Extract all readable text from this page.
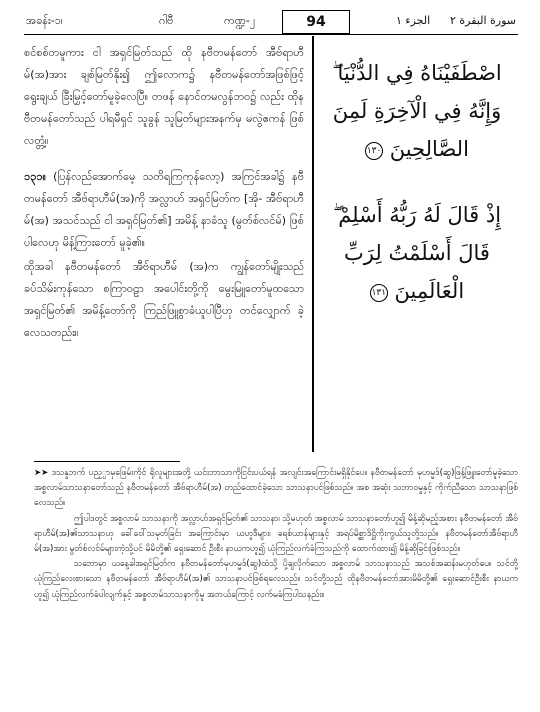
အခန်း-၁၊	ဂါဗီ	ကဏ္ဍ-၂	94	الجزء ۱ سورة البقرة ۲

စင်စစ်တမူကား ငါ အရှင်မြတ်သည် ထို နဗီတမန်တော် အီဗ်ရာဟီမ်(အ)အား ချစ်မြတ်နိုး၍ ဤလောက၌ နဗီတမန်တော်အဖြစ်ဖြင့် ရွေးချယ် ခြီးမြှင့်တော်မူခဲ့လေပြီ။ တဖန် နောင်တမလွန်ဘဝ၌ လည်း ထိုနဗီတမန်တော်သည် ပါရမီရှင် သူခွန် သူမြတ်များအနက်မှ မလွဲဧကန် ဖြစ်လတ္တံ့။

၁၃၁။ (ပြန်လည်အောက်မေ့ သတိရကြကုန်လော့) အကြင်အခါ၌ နဗီတမန်တော် အီဗ်ရာဟီမ်(အ)ကို အလ္လာဟ် အရှင်မြတ်က [အို- အီဗ်ရာဟီမ်(အ) အသင်သည် ငါ အရှင်မြတ်၏] အမိန့် နာခံသူ (မွတ်စ်လင်မ်) ဖြစ်ပါလေဟု မိန့်ကြားတော် မူခဲ့၏။

ထိုအခါ နဗီတမန်တော် အီဗ်ရာဟီမ် (အ)က ကျွန်တော်မျိုးသည် ခပ်သိမ်းကုန်သော စကြာဝဠာ အပေါင်းတို့ကို မွေးမြူတော်မူထသော အရှင်မြတ်၏ အမိန့်တော်ကို ကြည်ဖြူစွာခံယူပါပြီဟု တင်လျှောက် ခဲ့လေသတည်း။

اصْطَفَيْنَاهُ فِي الدُّنْيَا ۖ وَإِنَّهُ فِي الْآخِرَةِ لَمِنَ الصَّالِحِينَ ١٣٠
إِذْ قَالَ لَهُ رَبُّهُ أَسْلِمْ ۖ قَالَ أَسْلَمْتُ لِرَبِّ الْعَالَمِينَ ١٣١

➤➤ ဒသနှုဘက် ပည့္ပာမှဖြေမ်းကိုင် ရိုလူများအတို့ ယင်းဘာသာကိုငြင်းပယ်ရန် အလျင်းအကြောင်းမရှိနိုင်ပေ။ နဗီတမန်တော် မုဟမ္မဒ်(ဆွ)ဖြန့်ဖြူးတော်မူခဲ့သော အစ္စလာမ်သာသနာတော်သည် နဗီတမန်တော် အီဗ်ရာဟီမ်(အ) တည်ထောင်ခဲ့သော သာသနာပင်ဖြစ်သည်။ အစ အဆုံး သဘာဝမှုနှင့် ကိုက်ညီသော သာသနာဖြစ်လေသည်။

ဤပါဒတွင် အစ္စလာမ် သာသနာကို အလ္လာဟ်အရှင်မြတ်၏ သာသနာ၊ သို့မဟုတ် အစ္စလာမ် သာသနာတော်ဟူ၍ မိန့်ဆိုမည့်အစား နဗီတမန်တော် အီဗ်ရာဟီမ်(အ)၏သာသနာဟု ခေါ်ဝေါ်သမုတ်ခြင်း အကြောင်းမှာ ယဟူဒီများ၊ ခရစ်ယာန်များနှင့် အရပ်မိစ္ဆာဒိဋ္ဌိကိုးကွယ်သူတို့သည်။ နဗီတမန်တော်အီဗ်ရာဟီမ်(အ)အား မွတ်စ်လင်မ်များကဲ့သို့ပင် မိမိတို့၏ ရှေးဆောင် ဦးစီး နာယကဟူ၍ ယုံကြည်လက်ခံကြသည်ကို ထောက်ထား၍ မိန့်ဆိုခြင်းဖြစ်သည်။

သဘောမှာ ယနေ့ခါအရှင်မြတ်က နဗီတမန်တော်မုဟမ္မဒ်(ဆွ)ထံသို့ ပို့ချလိုက်သော အစ္စလာမ် သာသနာသည် အသစ်အဆန်းမဟုတ်ပေ။ သင်တို့ယုံကြည်လေးစားသော နဗီတမန်တော် အီဗ်ရာဟီမ်(အ)၏ သာသနာပင်ဖြစ်ရလေသည်။ သင်တို့သည် ထိုနဗီတမန်တော်အားမိမိတို့၏ ရှေးဆောင်ဦးစီး နာယကဟူ၍ ယုံကြည်လက်ခံပါလျက်နှင့် အစ္စလာမ်သာသနာကိုမူ အဘယ်ကြောင့် လက်မခံကြပါသနည်း။
